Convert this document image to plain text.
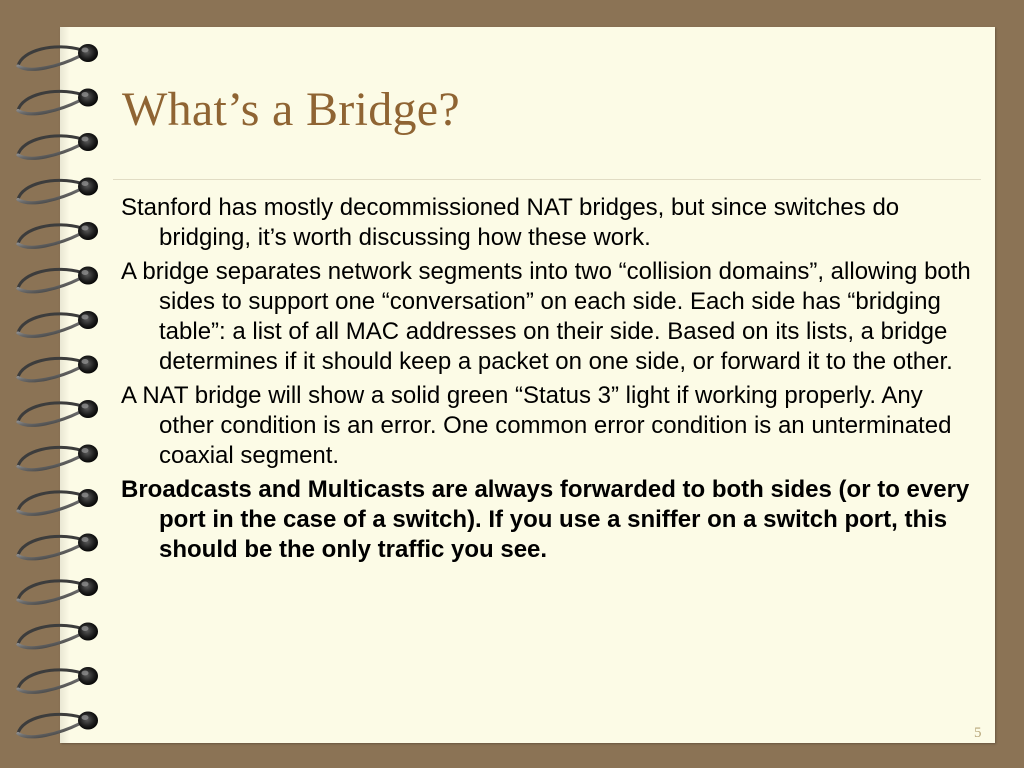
What’s a Bridge?
Stanford has mostly decommissioned NAT bridges, but since switches do bridging, it’s worth discussing how these work.
A bridge separates network segments into two “collision domains”, allowing both sides to support one “conversation” on each side. Each side has “bridging table”: a list of all MAC addresses on their side. Based on its lists, a bridge determines if it should keep a packet on one side, or forward it to the other.
A NAT bridge will show a solid green “Status 3” light if working properly. Any other condition is an error. One common error condition is an unterminated coaxial segment.
Broadcasts and Multicasts are always forwarded to both sides (or to every port in the case of a switch). If you use a sniffer on a switch port, this should be the only traffic you see.
5
